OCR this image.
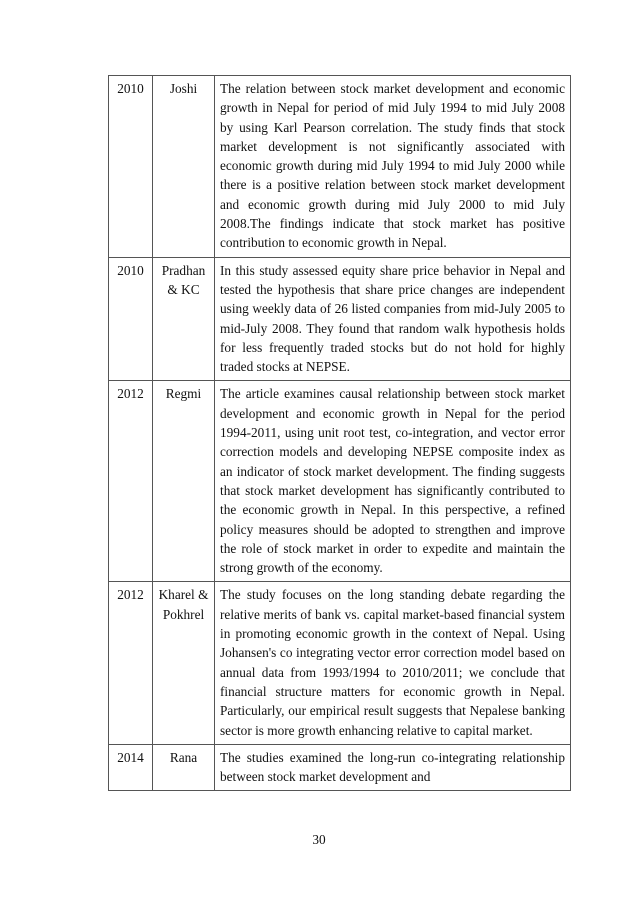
2010	Joshi	The relation between stock market development and economic growth in Nepal for period of mid July 1994 to mid July 2008 by using Karl Pearson correlation. The study finds that stock market development is not significantly associated with economic growth during mid July 1994 to mid July 2000 while there is a positive relation between stock market development and economic growth during mid July 2000 to mid July 2008.The findings indicate that stock market has positive contribution to economic growth in Nepal.
2010	Pradhan & KC	In this study assessed equity share price behavior in Nepal and tested the hypothesis that share price changes are independent using weekly data of 26 listed companies from mid-July 2005 to mid-July 2008. They found that random walk hypothesis holds for less frequently traded stocks but do not hold for highly traded stocks at NEPSE.
2012	Regmi	The article examines causal relationship between stock market development and economic growth in Nepal for the period 1994-2011, using unit root test, co-integration, and vector error correction models and developing NEPSE composite index as an indicator of stock market development. The finding suggests that stock market development has significantly contributed to the economic growth in Nepal. In this perspective, a refined policy measures should be adopted to strengthen and improve the role of stock market in order to expedite and maintain the strong growth of the economy.
2012	Kharel & Pokhrel	The study focuses on the long standing debate regarding the relative merits of bank vs. capital market-based financial system in promoting economic growth in the context of Nepal. Using Johansen's co integrating vector error correction model based on annual data from 1993/1994 to 2010/2011; we conclude that financial structure matters for economic growth in Nepal. Particularly, our empirical result suggests that Nepalese banking sector is more growth enhancing relative to capital market.
2014	Rana	The studies examined the long-run co-integrating relationship between stock market development and
30
